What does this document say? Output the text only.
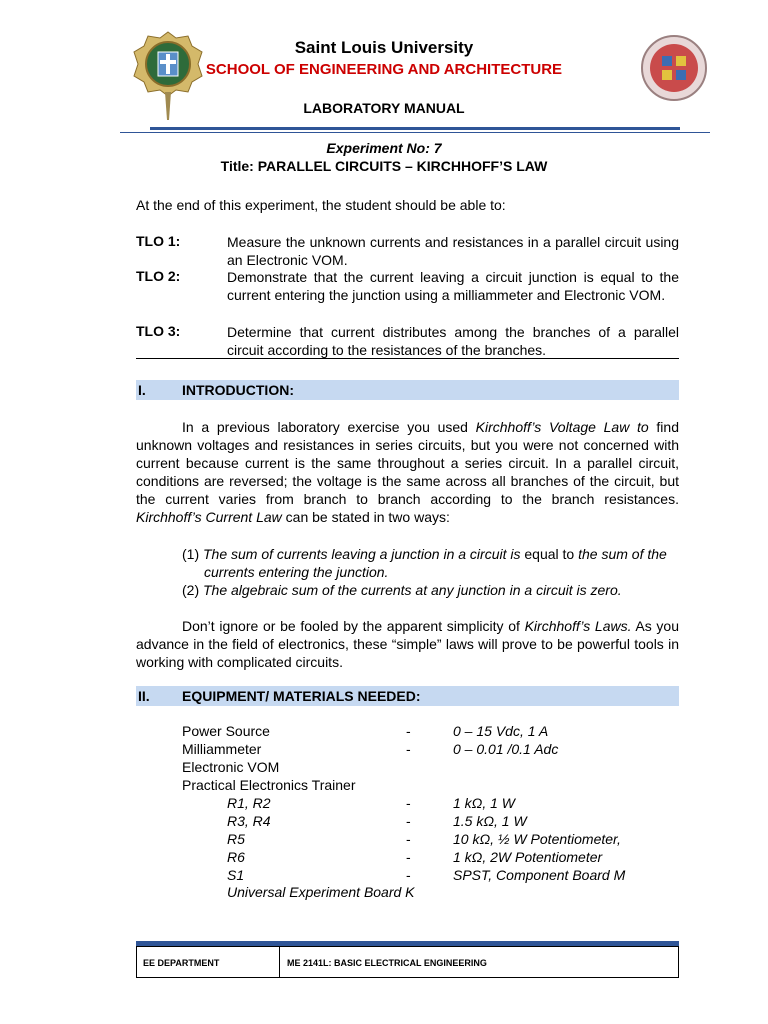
Saint Louis University
SCHOOL OF ENGINEERING AND ARCHITECTURE
LABORATORY MANUAL
Experiment No: 7
Title: PARALLEL CIRCUITS – KIRCHHOFF’S LAW
At the end of this experiment, the student should be able to:
TLO 1:	Measure the unknown currents and resistances in a parallel circuit using an Electronic VOM.
TLO 2:	Demonstrate that the current leaving a circuit junction is equal to the current entering the junction using a milliammeter and Electronic VOM.
TLO 3:	Determine that current distributes among the branches of a parallel circuit according to the resistances of the branches.
I.	INTRODUCTION:
In a previous laboratory exercise you used Kirchhoff’s Voltage Law to find unknown voltages and resistances in series circuits, but you were not concerned with current because current is the same throughout a series circuit. In a parallel circuit, conditions are reversed; the voltage is the same across all branches of the circuit, but the current varies from branch to branch according to the branch resistances. Kirchhoff’s Current Law can be stated in two ways:
(1) The sum of currents leaving a junction in a circuit is equal to the sum of the currents entering the junction.
(2) The algebraic sum of the currents at any junction in a circuit is zero.
Don’t ignore or be fooled by the apparent simplicity of Kirchhoff’s Laws. As you advance in the field of electronics, these “simple” laws will prove to be powerful tools in working with complicated circuits.
II. EQUIPMENT/ MATERIALS NEEDED:
Power Source	-	0 – 15 Vdc, 1 A
Milliammeter	-	0 – 0.01 /0.1 Adc
Electronic VOM
Practical Electronics Trainer
R1, R2	-	1 kΩ, 1 W
R3, R4	-	1.5 kΩ, 1 W
R5	-	10 kΩ, ½ W Potentiometer,
R6	-	1 kΩ, 2W Potentiometer
S1	-	SPST, Component Board M
Universal Experiment Board K
EE DEPARTMENT	ME 2141L: BASIC ELECTRICAL ENGINEERING
